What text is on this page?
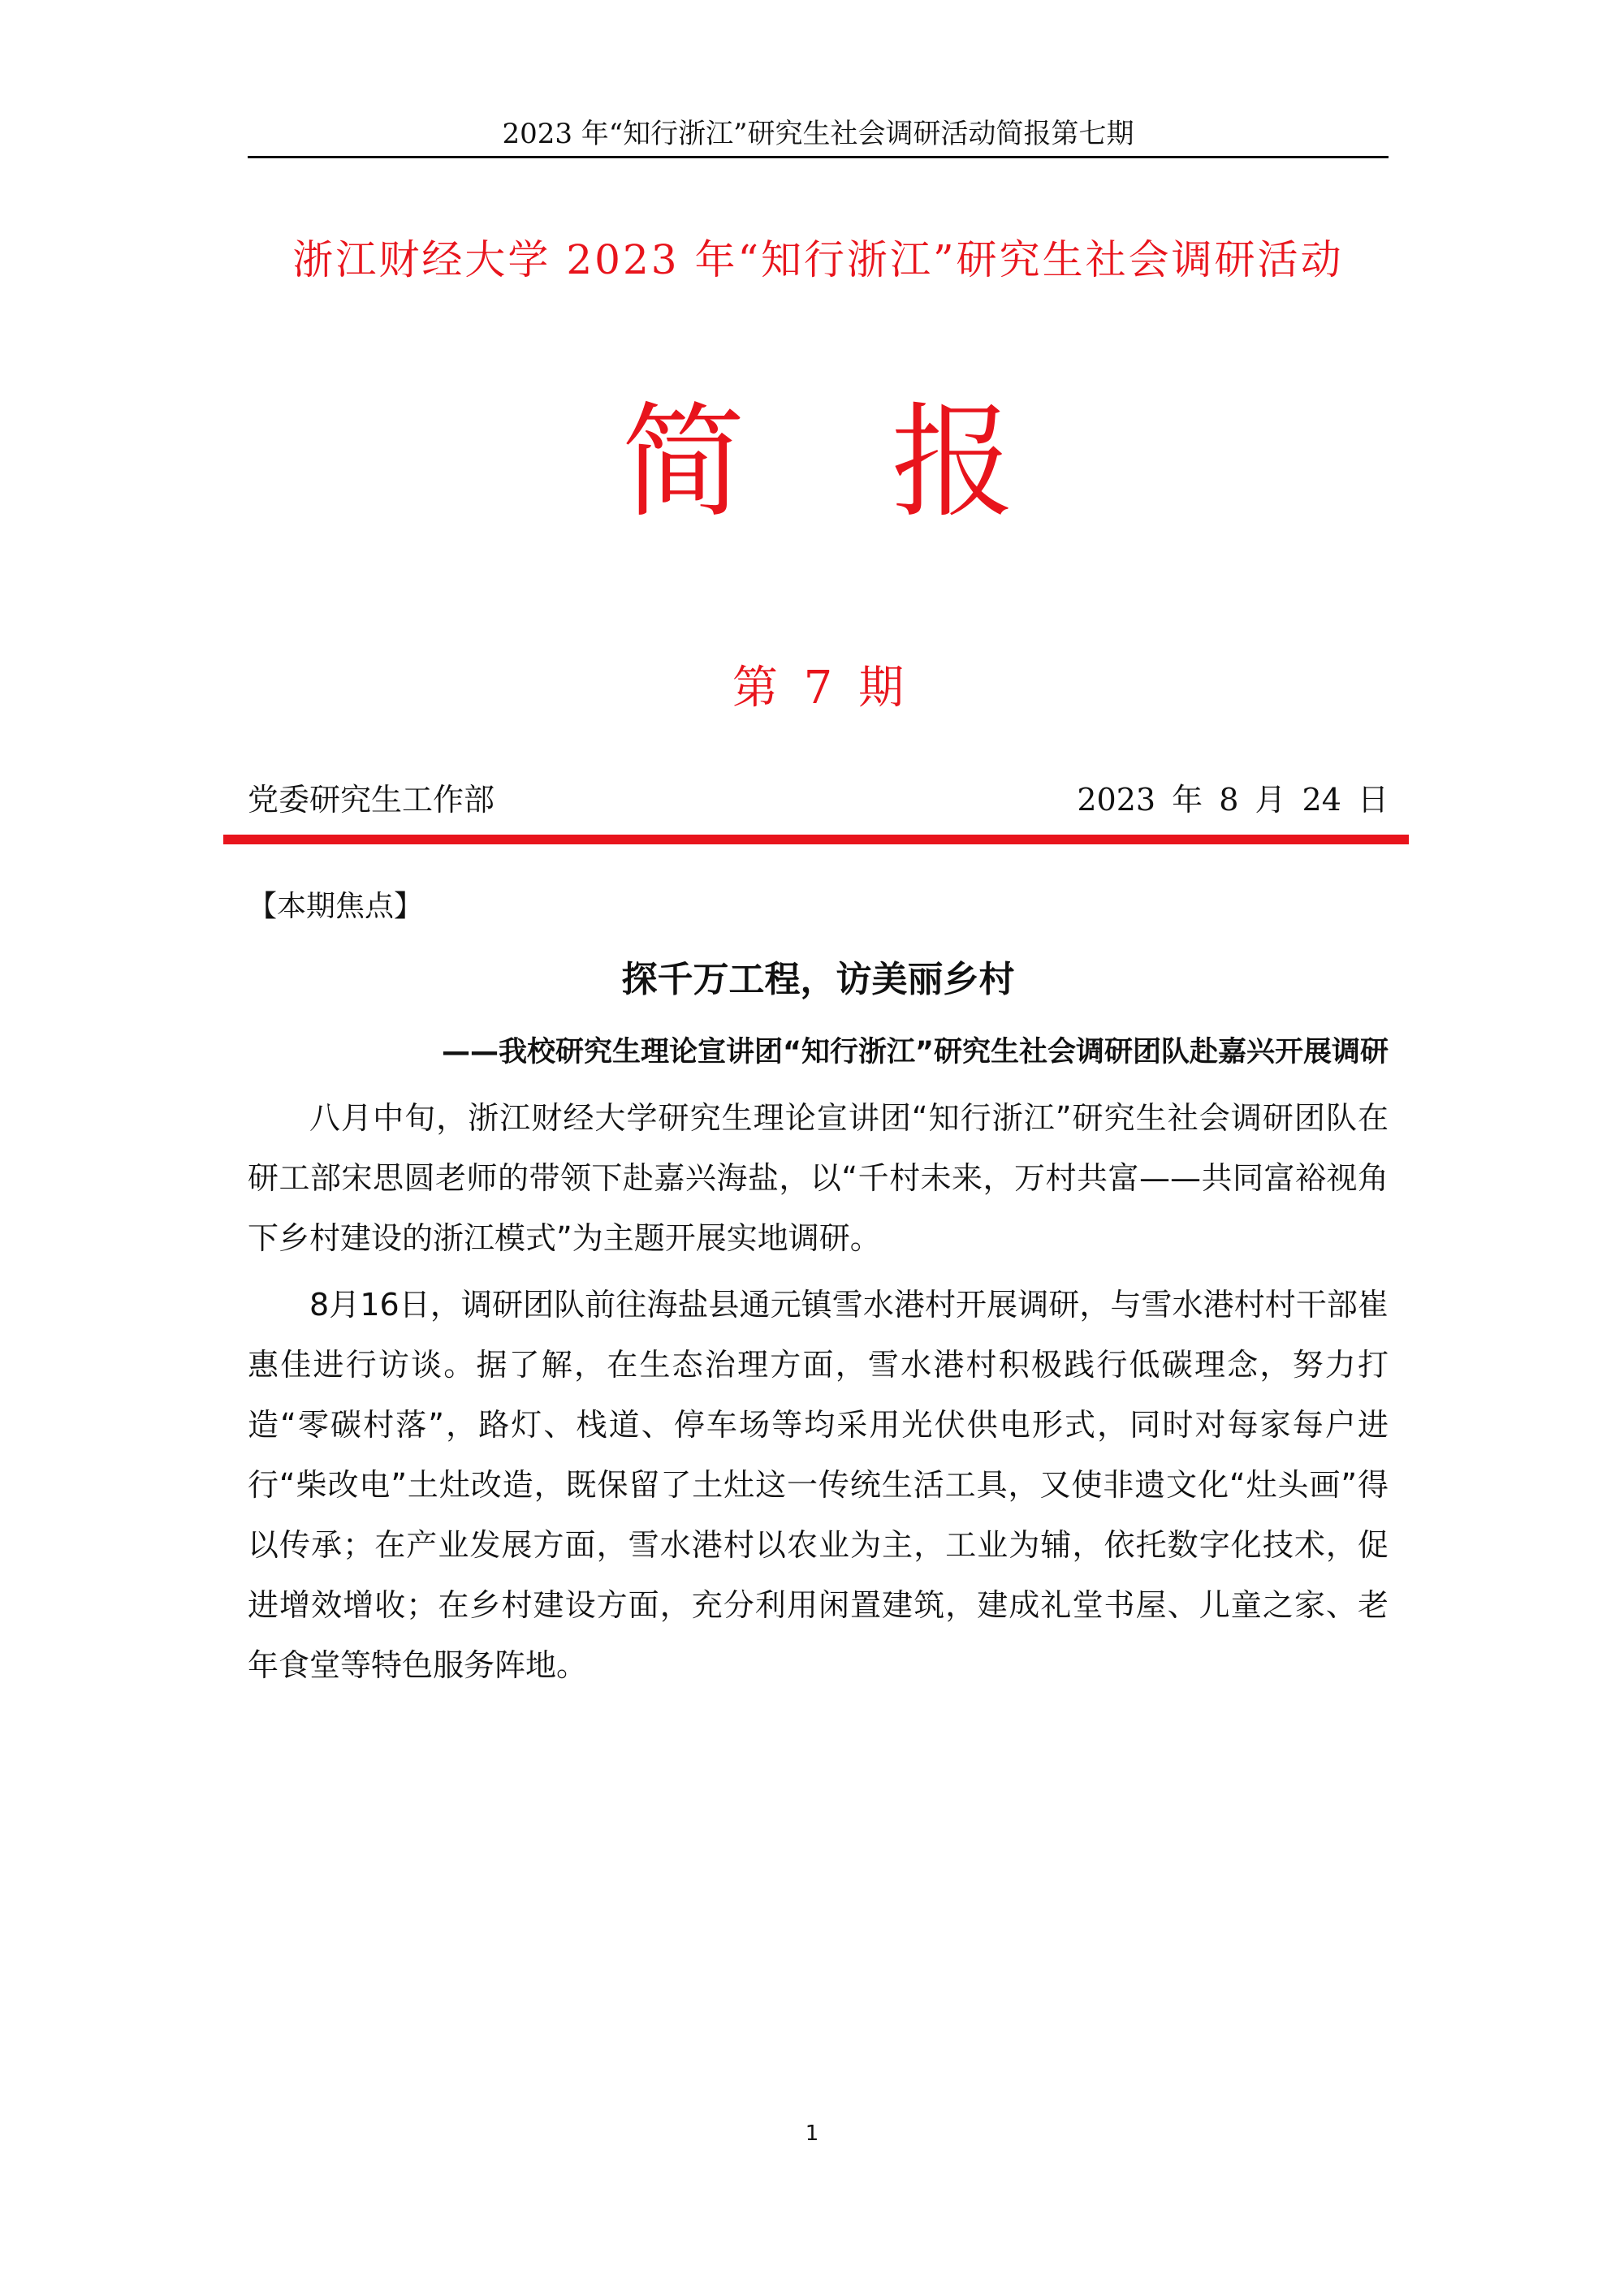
2023 年“知行浙江”研究生社会调研活动简报第七期
浙江财经大学 2023 年“知行浙江”研究生社会调研活动
简 报
第 7 期
党委研究生工作部	2023 年 8 月 24 日
【本期焦点】
探千万工程，访美丽乡村
——我校研究生理论宣讲团“知行浙江”研究生社会调研团队赴嘉兴开展调研

八月中旬，浙江财经大学研究生理论宣讲团“知行浙江”研究生社会调研团队在研工部宋思圆老师的带领下赴嘉兴海盐，以“千村未来，万村共富——共同富裕视角下乡村建设的浙江模式”为主题开展实地调研。

8月16日，调研团队前往海盐县通元镇雪水港村开展调研，与雪水港村村干部崔惠佳进行访谈。据了解，在生态治理方面，雪水港村积极践行低碳理念，努力打造“零碳村落”，路灯、栈道、停车场等均采用光伏供电形式，同时对每家每户进行“柴改电”土灶改造，既保留了土灶这一传统生活工具，又使非遗文化“灶头画”得以传承；在产业发展方面，雪水港村以农业为主，工业为辅，依托数字化技术，促进增效增收；在乡村建设方面，充分利用闲置建筑，建成礼堂书屋、儿童之家、老年食堂等特色服务阵地。

1
